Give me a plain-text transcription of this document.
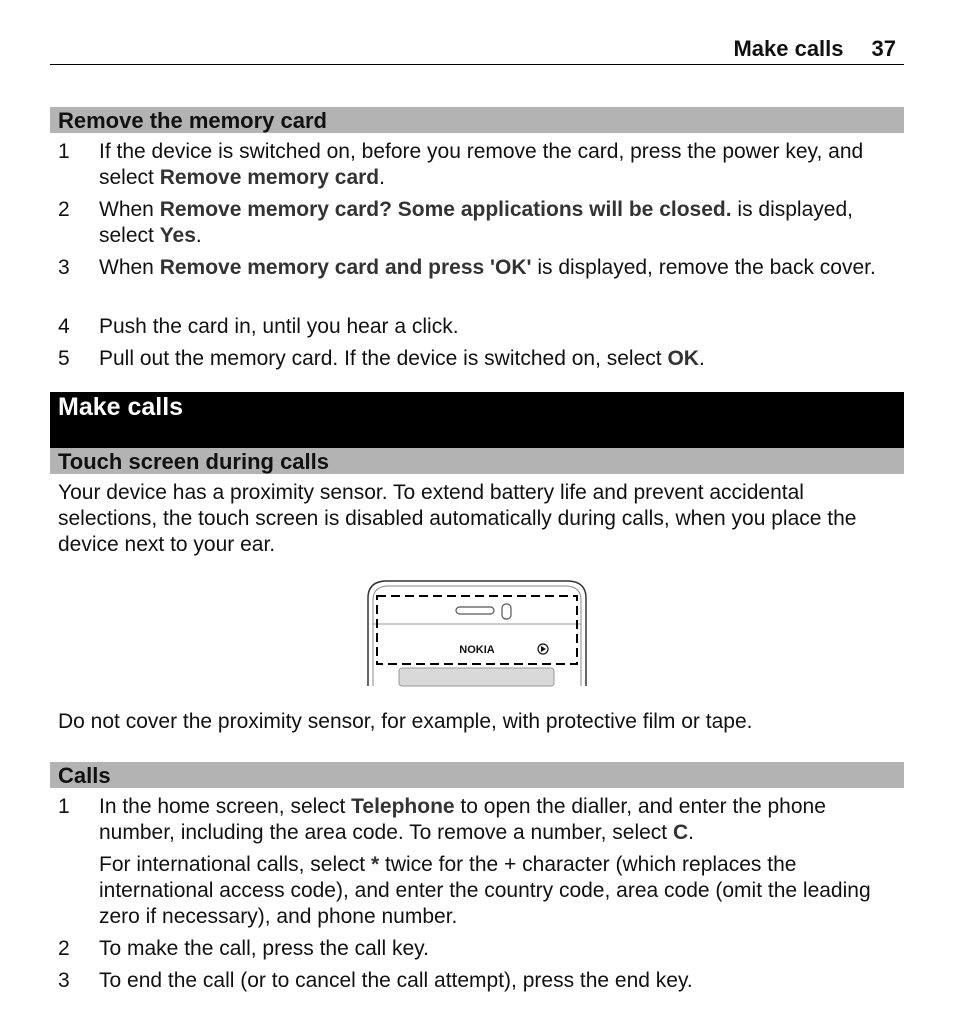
Make calls 37
Remove the memory card
1 If the device is switched on, before you remove the card, press the power key, and select Remove memory card.
2 When Remove memory card? Some applications will be closed. is displayed, select Yes.
3 When Remove memory card and press 'OK' is displayed, remove the back cover.
4 Push the card in, until you hear a click.
5 Pull out the memory card. If the device is switched on, select OK.
Make calls
Touch screen during calls
Your device has a proximity sensor. To extend battery life and prevent accidental selections, the touch screen is disabled automatically during calls, when you place the device next to your ear.
NOKIA
Do not cover the proximity sensor, for example, with protective film or tape.
Calls
1 In the home screen, select Telephone to open the dialler, and enter the phone number, including the area code. To remove a number, select C.
For international calls, select * twice for the + character (which replaces the international access code), and enter the country code, area code (omit the leading zero if necessary), and phone number.
2 To make the call, press the call key.
3 To end the call (or to cancel the call attempt), press the end key.
